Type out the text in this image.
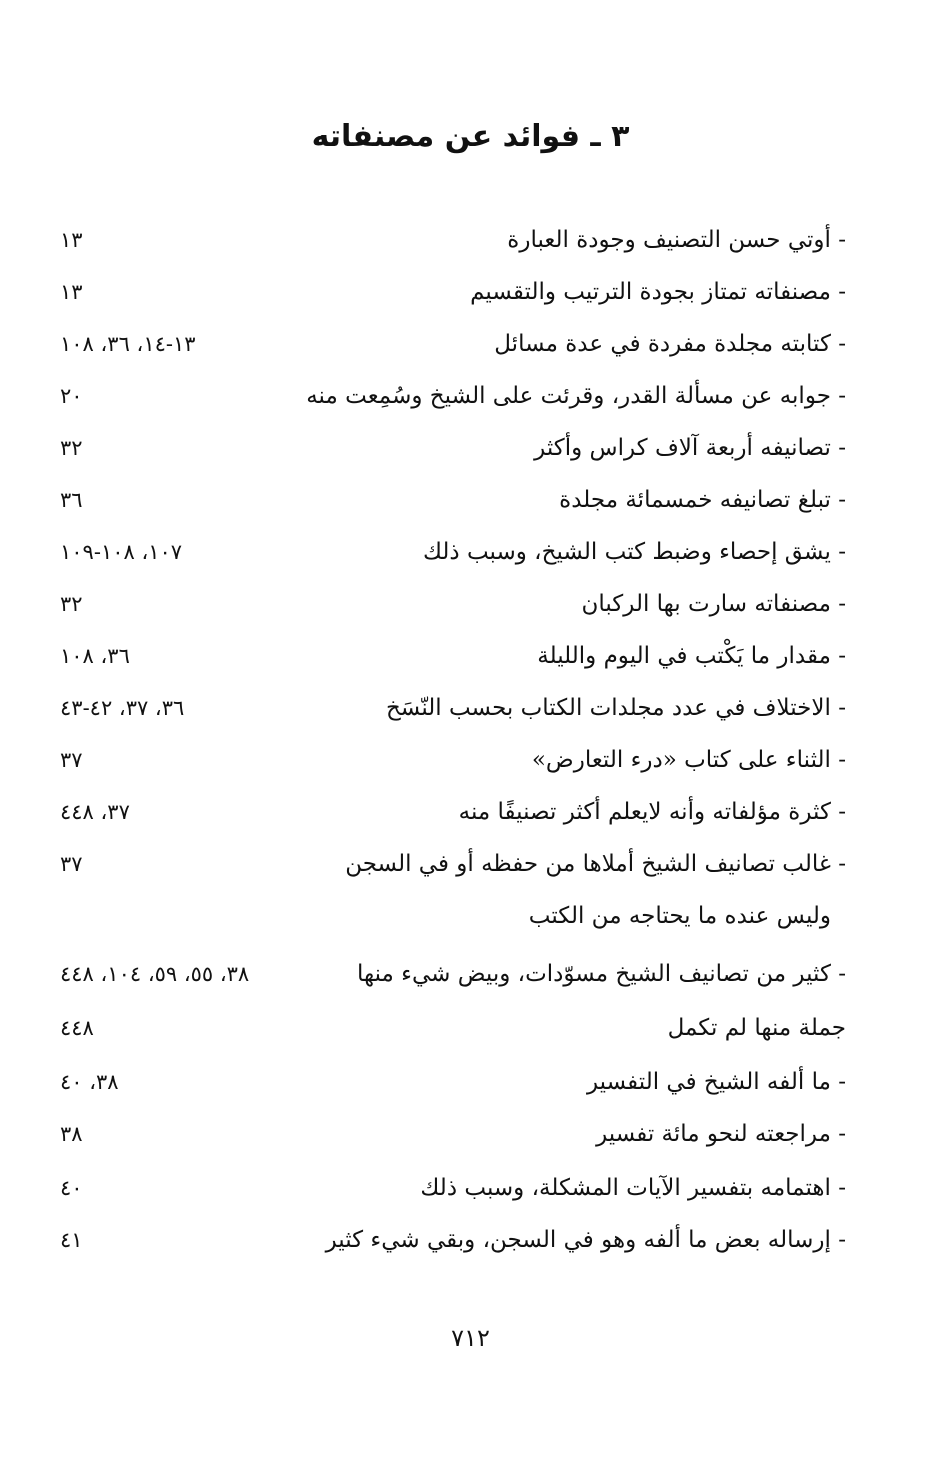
٣ ـ فوائد عن مصنفاته
- أوتي حسن التصنيف وجودة العبارة
١٣
- مصنفاته تمتاز بجودة الترتيب والتقسيم
١٣
- كتابته مجلدة مفردة في عدة مسائل
١٣-١٤، ٣٦، ١٠٨
- جوابه عن مسألة القدر، وقرئت على الشيخ وسُمِعت منه
٢٠
- تصانيفه أربعة آلاف كراس وأكثر
٣٢
- تبلغ تصانيفه خمسمائة مجلدة
٣٦
- يشق إحصاء وضبط كتب الشيخ، وسبب ذلك
١٠٧، ١٠٨-١٠٩
- مصنفاته سارت بها الركبان
٣٢
- مقدار ما يَكْتب في اليوم والليلة
٣٦، ١٠٨
- الاختلاف في عدد مجلدات الكتاب بحسب النّسَخ
٣٦، ٣٧، ٤٢-٤٣
- الثناء على كتاب «درء التعارض»
٣٧
- كثرة مؤلفاته وأنه لايعلم أكثر تصنيفًا منه
٣٧، ٤٤٨
- غالب تصانيف الشيخ أملاها من حفظه أو في السجن
٣٧
وليس عنده ما يحتاجه من الكتب
- كثير من تصانيف الشيخ مسوّدات، وبيض شيء منها
٣٨، ٥٥، ٥٩، ١٠٤، ٤٤٨
جملة منها لم تكمل
٤٤٨
- ما ألفه الشيخ في التفسير
٣٨، ٤٠
- مراجعته لنحو مائة تفسير
٣٨
- اهتمامه بتفسير الآيات المشكلة، وسبب ذلك
٤٠
- إرساله بعض ما ألفه وهو في السجن، وبقي شيء كثير
٤١
٧١٢
